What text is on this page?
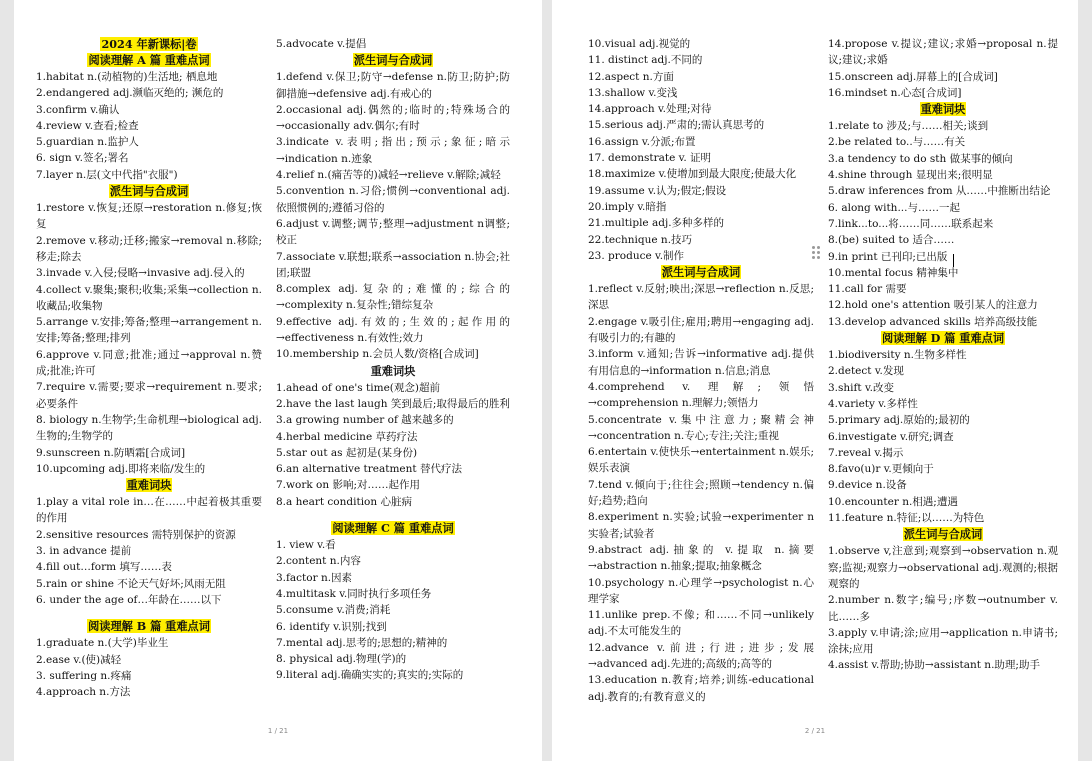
2024 年新课标|卷
阅读理解 A 篇 重难点词
1.habitat n.(动植物的)生活地; 栖息地
2.endangered adj.濒临灭绝的; 濒危的
3.confirm v.确认
4.review v.查看;检查
5.guardian n.监护人
6. sign v.签名;署名
7.layer n.层(文中代指"衣服")
派生词与合成词
1.restore v.恢复;还原→restoration n.修复;恢复
2.remove v.移动;迁移;搬家→removal n.移除;移走;除去
3.invade v.入侵;侵略→invasive adj.侵入的
4.collect v.聚集;聚积;收集;采集→collection n.收藏品;收集物
5.arrange v.安排;筹备;整理→arrangement n.安排;筹备;整理;排列
6.approve v.同意;批准;通过→approval n.赞成;批准;许可
7.require v.需要;要求→requirement n.要求;必要条件
8. biology n.生物学;生命机理→biological adj.生物的;生物学的
9.sunscreen n.防晒霜[合成词]
10.upcoming adj.即将来临/发生的
重难词块
1.play a vital role in…在……中起着极其重要的作用
2.sensitive resources 需特别保护的资源
3. in advance 提前
4.fill out…form 填写……表
5.rain or shine 不论天气好坏;风雨无阻
6. under the age of…年龄在……以下
阅读理解 B 篇 重难点词
1.graduate n.(大学)毕业生
2.ease v.(使)减轻
3. suffering n.疼痛
4.approach n.方法
5.advocate v.提倡
派生词与合成词
1.defend v.保卫;防守→defense n.防卫;防护;防御措施→defensive adj.有戒心的
2.occasional adj.偶然的;临时的;特殊场合的→occasionally adv.偶尔;有时
3.indicate v.表明;指出;预示;象征;暗示→indication n.迹象
4.relief n.(痛苦等的)减轻→relieve v.解除;减轻
5.convention n.习俗;惯例→conventional adj.依照惯例的;遵循习俗的
6.adjust v.调整;调节;整理→adjustment n调整;校正
7.associate v.联想;联系→association n.协会;社团;联盟
8.complex adj.复杂的;难懂的;综合的→complexity n.复杂性;错综复杂
9.effective adj.有效的;生效的;起作用的→effectiveness n.有效性;效力
10.membership n.会员人数/资格[合成词]
重难词块
1.ahead of one's time(观念)超前
2.have the last laugh 笑到最后;取得最后的胜利
3.a growing number of 越来越多的
4.herbal medicine 草药疗法
5.star out as 起初是(某身份)
6.an alternative treatment 替代疗法
7.work on 影响;对……起作用
8.a heart condition 心脏病
阅读理解 C 篇 重难点词
1. view v.看
2.content n.内容
3.factor n.因素
4.multitask v.同时执行多项任务
5.consume v.消费;消耗
6. identify v.识别;找到
7.mental adj.思考的;思想的;精神的
8. physical adj.物理(学)的
9.literal adj.确确实实的;真实的;实际的
1 / 21
10.visual adj.视觉的
11. distinct adj.不同的
12.aspect n.方面
13.shallow v.变浅
14.approach v.处理;对待
15.serious adj.严肃的;需认真思考的
16.assign v.分派;布置
17. demonstrate v. 证明
18.maximize v.使增加到最大限度;使最大化
19.assume v.认为;假定;假设
20.imply v.暗指
21.multiple adj.多种多样的
22.technique n.技巧
23. produce v.制作
派生词与合成词
1.reflect v.反射;映出;深思→reflection n.反思;深思
2.engage v.吸引住;雇用;聘用→engaging adj.有吸引力的;有趣的
3.inform v.通知;告诉→informative adj.提供有用信息的→information n.信息;消息
4.comprehend v. 理解; 领悟→comprehension n.理解力;领悟力
5.concentrate v.集中注意力;聚精会神→concentration n.专心;专注;关注;重视
6.entertain v.使快乐→entertainment n.娱乐;娱乐表演
7.tend v.倾向于;往往会;照顾→tendency n.偏好;趋势;趋向
8.experiment n.实验;试验→experimenter n实验者;试验者
9.abstract adj.抽象的 v.提取 n.摘要→abstraction n.抽象;提取;抽象概念
10.psychology n.心理学→psychologist n.心理学家
11.unlike prep.不像; 和……不同→unlikely adj.不太可能发生的
12.advance v.前进;行进;进步;发展→advanced adj.先进的;高级的;高等的
13.education n.教育;培养;训练-educational adj.教育的;有教育意义的
14.propose v.提议;建议;求婚→proposal n.提议;建议;求婚
15.onscreen adj.屏幕上的[合成词]
16.mindset n.心态[合成词]
重难词块
1.relate to 涉及;与……相关;谈到
2.be related to..与……有关
3.a tendency to do sth 做某事的倾向
4.shine through 显现出来;很明显
5.draw inferences from 从……中推断出结论
6. along with...与……一起
7.link...to...将……同……联系起来
8.(be) suited to 适合……
9.in print 已刊印;已出版
10.mental focus 精神集中
11.call for 需要
12.hold one's attention 吸引某人的注意力
13.develop advanced skills 培养高级技能
阅读理解 D 篇 重难点词
1.biodiversity n.生物多样性
2.detect v.发现
3.shift v.改变
4.variety v.多样性
5.primary adj.原始的;最初的
6.investigate v.研究;调查
7.reveal v.揭示
8.favo(u)r v.更倾向于
9.device n.设备
10.encounter n.相遇;遭遇
11.feature n.特征;以……为特色
派生词与合成词
1.observe v,注意到;观察到→observation n.观察;监视;观察力→observational adj.观测的;根据观察的
2.number n.数字;编号;序数→outnumber v.比……多
3.apply v.申请;涂;应用→application n.申请书;涂抹;应用
4.assist v.帮助;协助→assistant n.助理;助手
2 / 21
